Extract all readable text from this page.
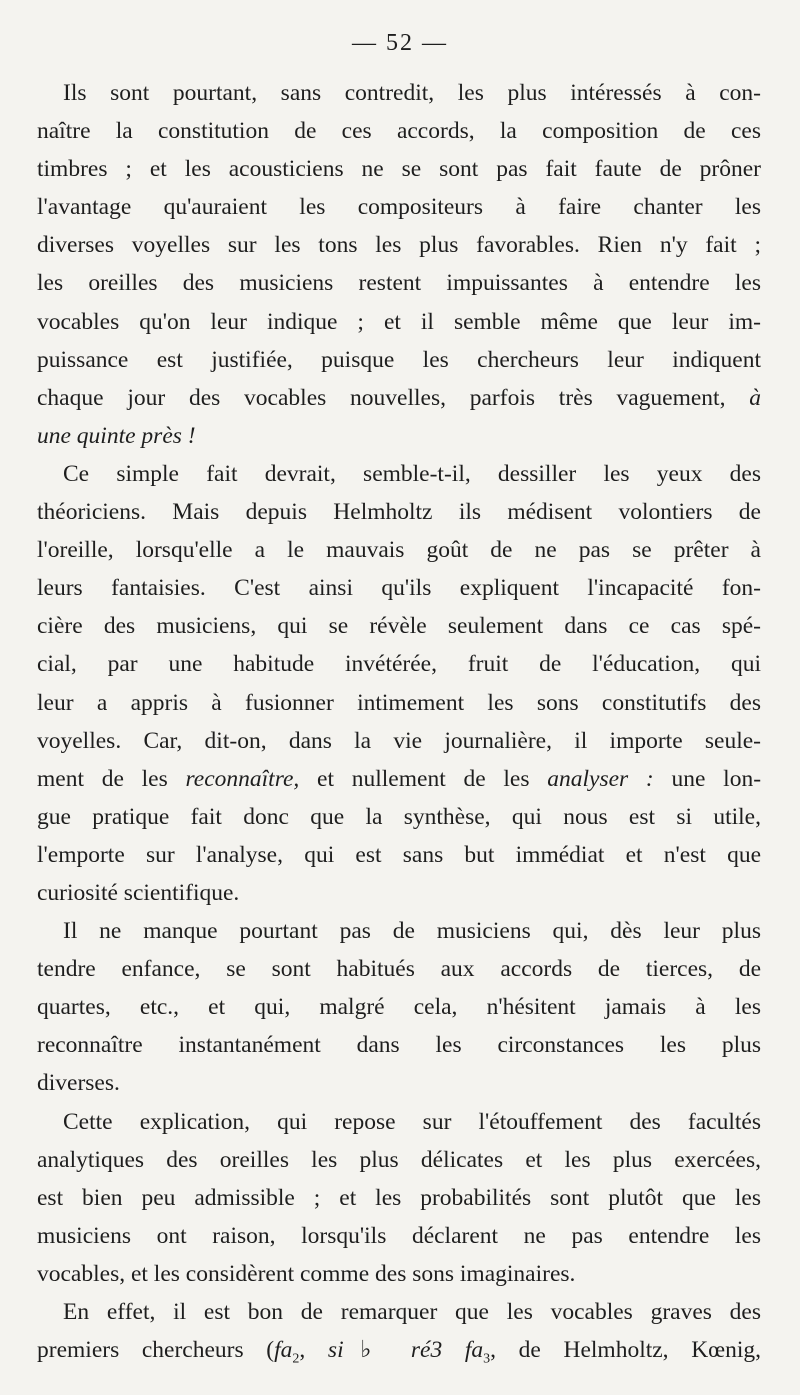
— 52 —

Ils sont pourtant, sans contredit, les plus intéressés à con-

naître la constitution de ces accords, la composition de ces

timbres ; et les acousticiens ne se sont pas fait faute de prôner

l'avantage qu'auraient les compositeurs à faire chanter les

diverses voyelles sur les tons les plus favorables. Rien n'y fait ;

les oreilles des musiciens restent impuissantes à entendre les

vocables qu'on leur indique ; et il semble même que leur im-

puissance est justifiée, puisque les chercheurs leur indiquent

chaque jour des vocables nouvelles, parfois très vaguement, à

une quinte près !

Ce simple fait devrait, semble-t-il, dessiller les yeux des

théoriciens. Mais depuis Helmholtz ils médisent volontiers de

l'oreille, lorsqu'elle a le mauvais goût de ne pas se prêter à

leurs fantaisies. C'est ainsi qu'ils expliquent l'incapacité fon-

cière des musiciens, qui se révèle seulement dans ce cas spé-

cial, par une habitude invétérée, fruit de l'éducation, qui

leur a appris à fusionner intimement les sons constitutifs des

voyelles. Car, dit-on, dans la vie journalière, il importe seule-

ment de les reconnaître, et nullement de les analyser : une lon-

gue pratique fait donc que la synthèse, qui nous est si utile,

l'emporte sur l'analyse, qui est sans but immédiat et n'est que

curiosité scientifique.

Il ne manque pourtant pas de musiciens qui, dès leur plus

tendre enfance, se sont habitués aux accords de tierces, de

quartes, etc., et qui, malgré cela, n'hésitent jamais à les

reconnaître instantanément dans les circonstances les plus

diverses.

Cette explication, qui repose sur l'étouffement des facultés

analytiques des oreilles les plus délicates et les plus exercées,

est bien peu admissible ; et les probabilités sont plutôt que les

musiciens ont raison, lorsqu'ils déclarent ne pas entendre les

vocables, et les considèrent comme des sons imaginaires.

En effet, il est bon de remarquer que les vocables graves des

premiers chercheurs ($fa_2$, si♭ ré3 $fa_3$, de Helmholtz, Kœnig,
